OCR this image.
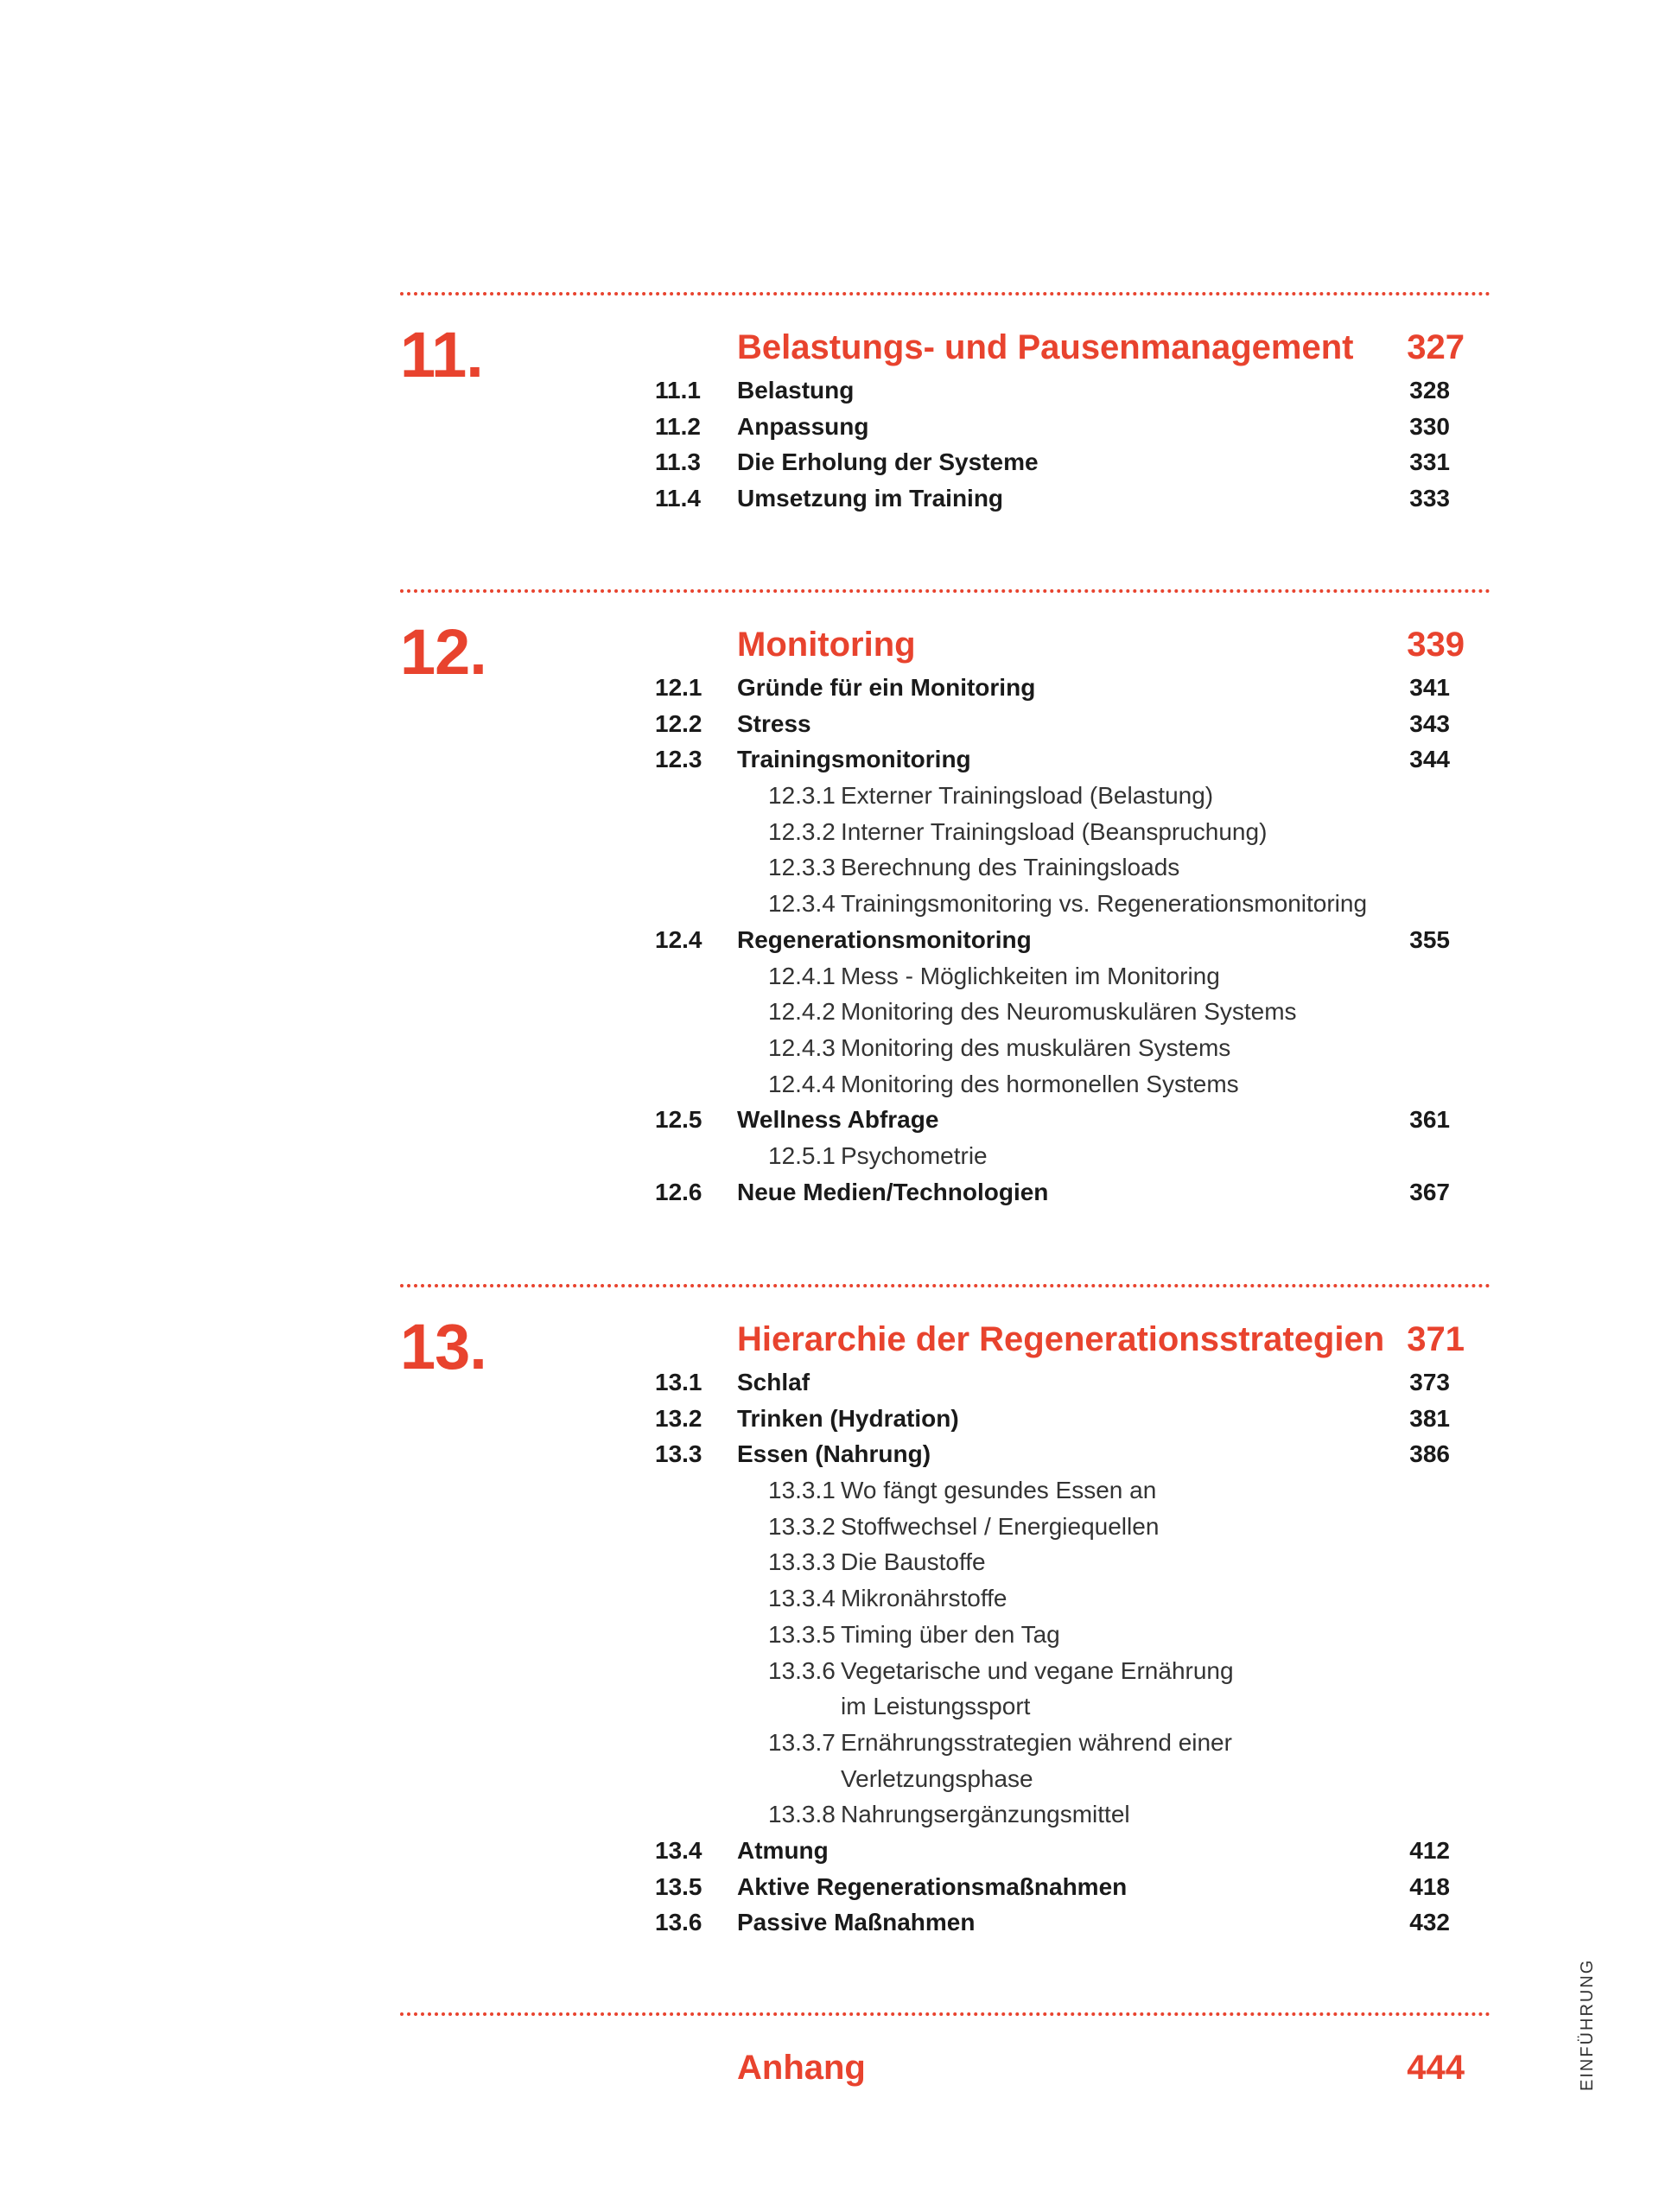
11.	Belastungs- und Pausenmanagement 327
11.1 Belastung	328
11.2 Anpassung	330
11.3 Die Erholung der Systeme	331
11.4 Umsetzung im Training	333
12.	Monitoring	339
12.1 Gründe für ein Monitoring	341
12.2 Stress	343
12.3 Trainingsmonitoring	344
12.3.1 Externer Trainingsload (Belastung)
12.3.2 Interner Trainingsload (Beanspruchung)
12.3.3 Berechnung des Trainingsloads
12.3.4 Trainingsmonitoring vs. Regenerationsmonitoring
12.4 Regenerationsmonitoring	355
12.4.1 Mess - Möglichkeiten im Monitoring
12.4.2 Monitoring des Neuromuskulären Systems
12.4.3 Monitoring des muskulären Systems
12.4.4 Monitoring des hormonellen Systems
12.5 Wellness Abfrage	361
12.5.1 Psychometrie
12.6 Neue Medien/Technologien	367
13.	Hierarchie der Regenerationsstrategien 371
13.1 Schlaf	373
13.2 Trinken (Hydration)	381
13.3 Essen (Nahrung)	386
13.3.1 Wo fängt gesundes Essen an
13.3.2 Stoffwechsel / Energiequellen
13.3.3 Die Baustoffe
13.3.4 Mikronährstoffe
13.3.5 Timing über den Tag
13.3.6 Vegetarische und vegane Ernährung
im Leistungssport
13.3.7 Ernährungsstrategien während einer
Verletzungsphase
13.3.8 Nahrungsergänzungsmittel
13.4 Atmung	412
13.5 Aktive Regenerationsmaßnahmen	418
13.6 Passive Maßnahmen	432
Anhang	444	EINFÜHRUNG
